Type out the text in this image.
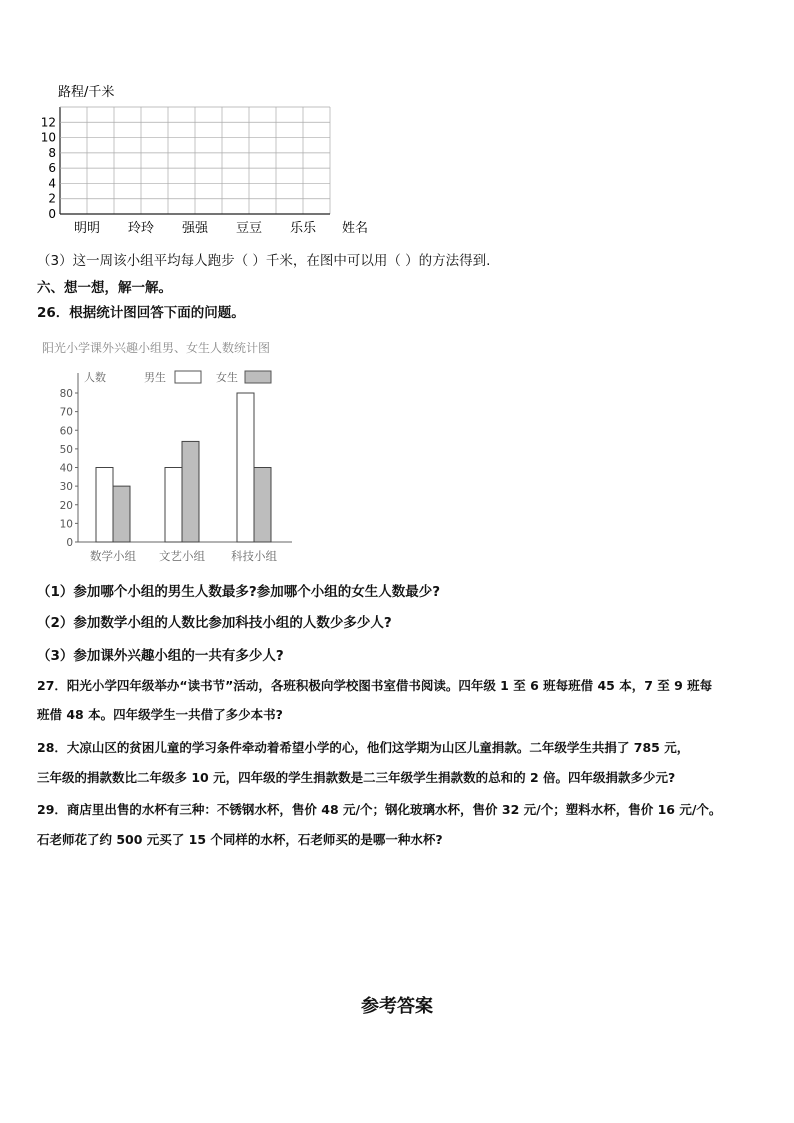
0
2
4
6
8
10
12
明明 玲玲 强强 豆豆 乐乐
路程/千米
姓名
（3）这一周该小组平均每人跑步（ ）千米，在图中可以用（ ）的方法得到.
六、想一想，解一解。
26．根据统计图回答下面的问题。
阳光小学课外兴趣小组男、女生人数统计图
人数	男生	女生
0
10
20
30
40
50
60
70
80
数学小组 文艺小组 科技小组
（1）参加哪个小组的男生人数最多?参加哪个小组的女生人数最少?
（2）参加数学小组的人数比参加科技小组的人数少多少人?
（3）参加课外兴趣小组的一共有多少人?
27．阳光小学四年级举办“读书节”活动，各班积极向学校图书室借书阅读。四年级 1 至 6 班每班借 45 本，7 至 9 班每
班借 48 本。四年级学生一共借了多少本书?
28．大凉山区的贫困儿童的学习条件牵动着希望小学的心，他们这学期为山区儿童捐款。二年级学生共捐了 785 元，
三年级的捐款数比二年级多 10 元，四年级的学生捐款数是二三年级学生捐款数的总和的 2 倍。四年级捐款多少元?
29．商店里出售的水杯有三种：不锈钢水杯，售价 48 元/个；钢化玻璃水杯，售价 32 元/个；塑料水杯，售价 16 元/个。
石老师花了约 500 元买了 15 个同样的水杯，石老师买的是哪一种水杯?
参考答案
